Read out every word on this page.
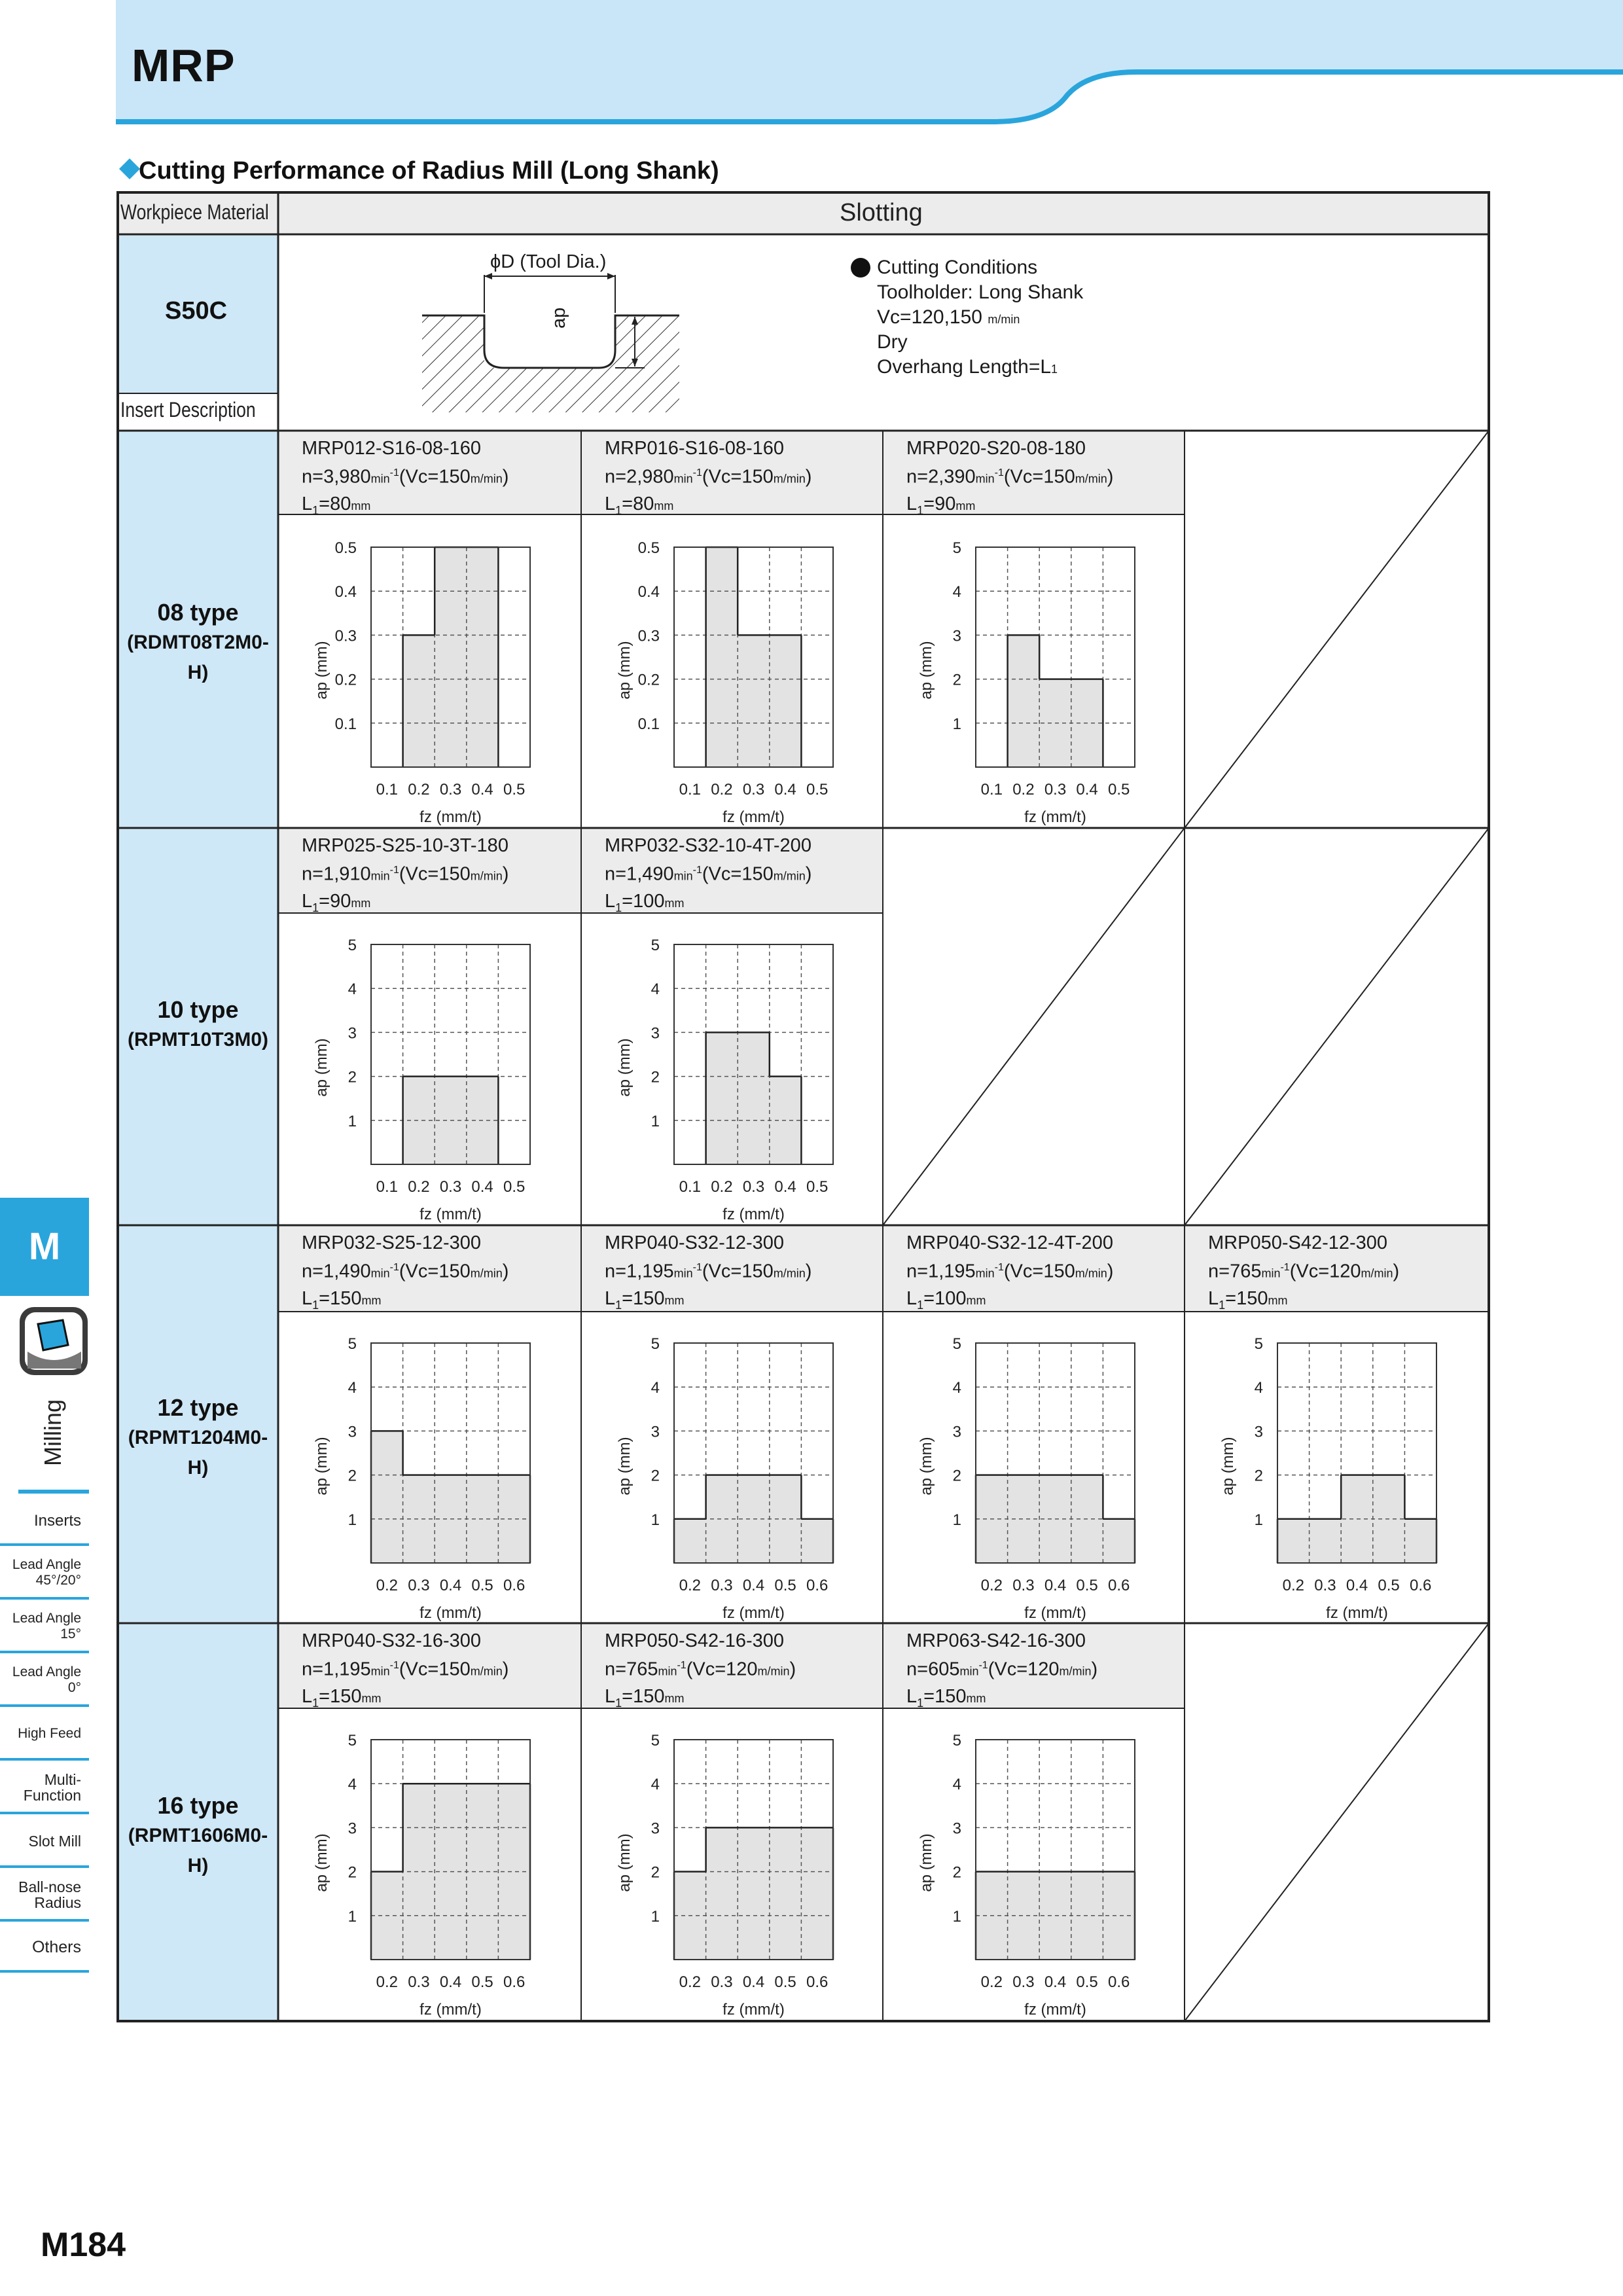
MRP
Cutting Performance of Radius Mill (Long Shank)
Workpiece Material	Slotting
S50C
Insert Description
ϕD (Tool Dia.)
ap
Cutting Conditions
Toolholder: Long Shank
Vc=120,150 m/min
Dry
Overhang Length=L1
08 type
(RDMT08T2M0-H)
10 type
(RPMT10T3M0)
12 type
(RPMT1204M0-H)
16 type
(RPMT1606M0-H)
MRP012-S16-08-160
$n=3,980\min^{-1}(Vc=150m/\min)$
$L_1=80mm$
MRP016-S16-08-160
$n=2,980\min^{-1}(Vc=150m/\min)$
$L_1=80mm$
MRP020-S20-08-180
$n=2,390\min^{-1}(Vc=150m/\min)$
$L_1=90mm$
MRP025-S25-10-3T-180
$n=1,910\min^{-1}(Vc=150m/\min)$
$L_1=90mm$
MRP032-S32-10-4T-200
$n=1,490\min^{-1}(Vc=150m/\min)$
$L_1=100mm$
MRP032-S25-12-300
$n=1,490\min^{-1}(Vc=150m/\min)$
$L_1=150mm$
MRP040-S32-12-300
$n=1,195\min^{-1}(Vc=150m/\min)$
$L_1=150mm$
MRP040-S32-12-4T-200
$n=1,195\min^{-1}(Vc=150m/\min)$
$L_1=100mm$
MRP050-S42-12-300
$n=765\min^{-1}(Vc=120m/\min)$
$L_1=150mm$
MRP040-S32-16-300
$n=1,195\min^{-1}(Vc=150m/\min)$
$L_1=150mm$
MRP050-S42-16-300
$n=765\min^{-1}(Vc=120m/\min)$
$L_1=150mm$
MRP063-S42-16-300
$n=605\min^{-1}(Vc=120m/\min)$
$L_1=150mm$
0.1
0.2
0.3
0.4
0.5
0.1 0.2 0.3 0.4 0.5
fz (mm/t)
ap (mm)
0.1
0.2
0.3
0.4
0.5
0.1 0.2 0.3 0.4 0.5
fz (mm/t)
ap (mm)
1
2
3
4
5
0.1 0.2 0.3 0.4 0.5
fz (mm/t)
ap (mm)
1
2
3
4
5
0.1 0.2 0.3 0.4 0.5
fz (mm/t)
ap (mm)
1
2
3
4
5
0.1 0.2 0.3 0.4 0.5
fz (mm/t)
ap (mm)
1
2
3
4
5
0.2 0.3 0.4 0.5 0.6
fz (mm/t)
ap (mm)
1
2
3
4
5
0.2 0.3 0.4 0.5 0.6
fz (mm/t)
ap (mm)
1
2
3
4
5
0.2 0.3 0.4 0.5 0.6
fz (mm/t)
ap (mm)
1
2
3
4
5
0.2 0.3 0.4 0.5 0.6
fz (mm/t)
ap (mm)
1
2
3
4
5
0.2 0.3 0.4 0.5 0.6
fz (mm/t)
ap (mm)
1
2
3
4
5
0.2 0.3 0.4 0.5 0.6
fz (mm/t)
ap (mm)
1
2
3
4
5
0.2 0.3 0.4 0.5 0.6
fz (mm/t)
ap (mm)
M
Milling
Inserts
Lead Angle 45°/20°
Lead Angle 15°
Lead Angle 0°
High Feed
Multi-Function
Slot Mill
Ball-nose Radius
Others
M184
